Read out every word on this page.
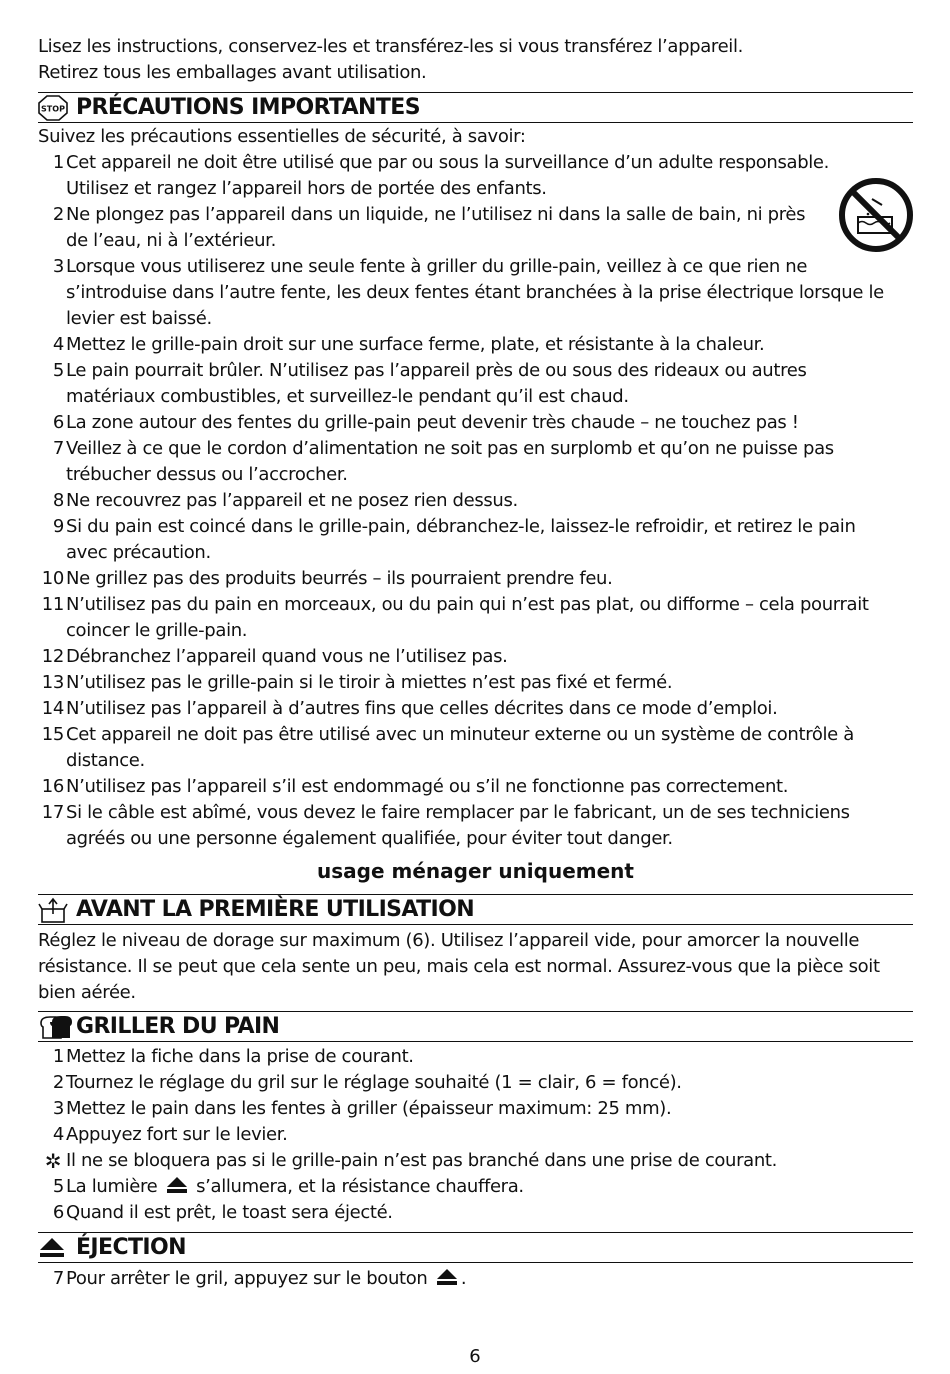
Lisez les instructions, conservez-les et transférez-les si vous transférez l’appareil.
Retirez tous les emballages avant utilisation.
STOP PRÉCAUTIONS IMPORTANTES
Suivez les précautions essentielles de sécurité, à savoir:
1 Cet appareil ne doit être utilisé que par ou sous la surveillance d’un adulte responsable.
Utilisez et rangez l’appareil hors de portée des enfants.
2 Ne plongez pas l’appareil dans un liquide, ne l’utilisez ni dans la salle de bain, ni près
de l’eau, ni à l’extérieur.
3 Lorsque vous utiliserez une seule fente à griller du grille-pain, veillez à ce que rien ne
s’introduise dans l’autre fente, les deux fentes étant branchées à la prise électrique lorsque le
levier est baissé.
4 Mettez le grille-pain droit sur une surface ferme, plate, et résistante à la chaleur.
5 Le pain pourrait brûler. N’utilisez pas l’appareil près de ou sous des rideaux ou autres
matériaux combustibles, et surveillez-le pendant qu’il est chaud.
6 La zone autour des fentes du grille-pain peut devenir très chaude – ne touchez pas !
7 Veillez à ce que le cordon d’alimentation ne soit pas en surplomb et qu’on ne puisse pas
trébucher dessus ou l’accrocher.
8 Ne recouvrez pas l’appareil et ne posez rien dessus.
9 Si du pain est coincé dans le grille-pain, débranchez-le, laissez-le refroidir, et retirez le pain
avec précaution.
10 Ne grillez pas des produits beurrés – ils pourraient prendre feu.
11 N’utilisez pas du pain en morceaux, ou du pain qui n’est pas plat, ou difforme – cela pourrait
coincer le grille-pain.
12 Débranchez l’appareil quand vous ne l’utilisez pas.
13 N’utilisez pas le grille-pain si le tiroir à miettes n’est pas fixé et fermé.
14 N’utilisez pas l’appareil à d’autres fins que celles décrites dans ce mode d’emploi.
15 Cet appareil ne doit pas être utilisé avec un minuteur externe ou un système de contrôle à
distance.
16 N’utilisez pas l’appareil s’il est endommagé ou s’il ne fonctionne pas correctement.
17 Si le câble est abîmé, vous devez le faire remplacer par le fabricant, un de ses techniciens
agréés ou une personne également qualifiée, pour éviter tout danger.
usage ménager uniquement
AVANT LA PREMIÈRE UTILISATION
Réglez le niveau de dorage sur maximum (6). Utilisez l’appareil vide, pour amorcer la nouvelle
résistance. Il se peut que cela sente un peu, mais cela est normal. Assurez-vous que la pièce soit
bien aérée.
GRILLER DU PAIN
1 Mettez la fiche dans la prise de courant.
2 Tournez le réglage du gril sur le réglage souhaité (1 = clair, 6 = foncé).
3 Mettez le pain dans les fentes à griller (épaisseur maximum: 25 mm).
4 Appuyez fort sur le levier.
✲ Il ne se bloquera pas si le grille-pain n’est pas branché dans une prise de courant.
5 La lumière s’allumera, et la résistance chauffera.
6 Quand il est prêt, le toast sera éjecté.
ÉJECTION
7 Pour arrêter le gril, appuyez sur le bouton .
6
